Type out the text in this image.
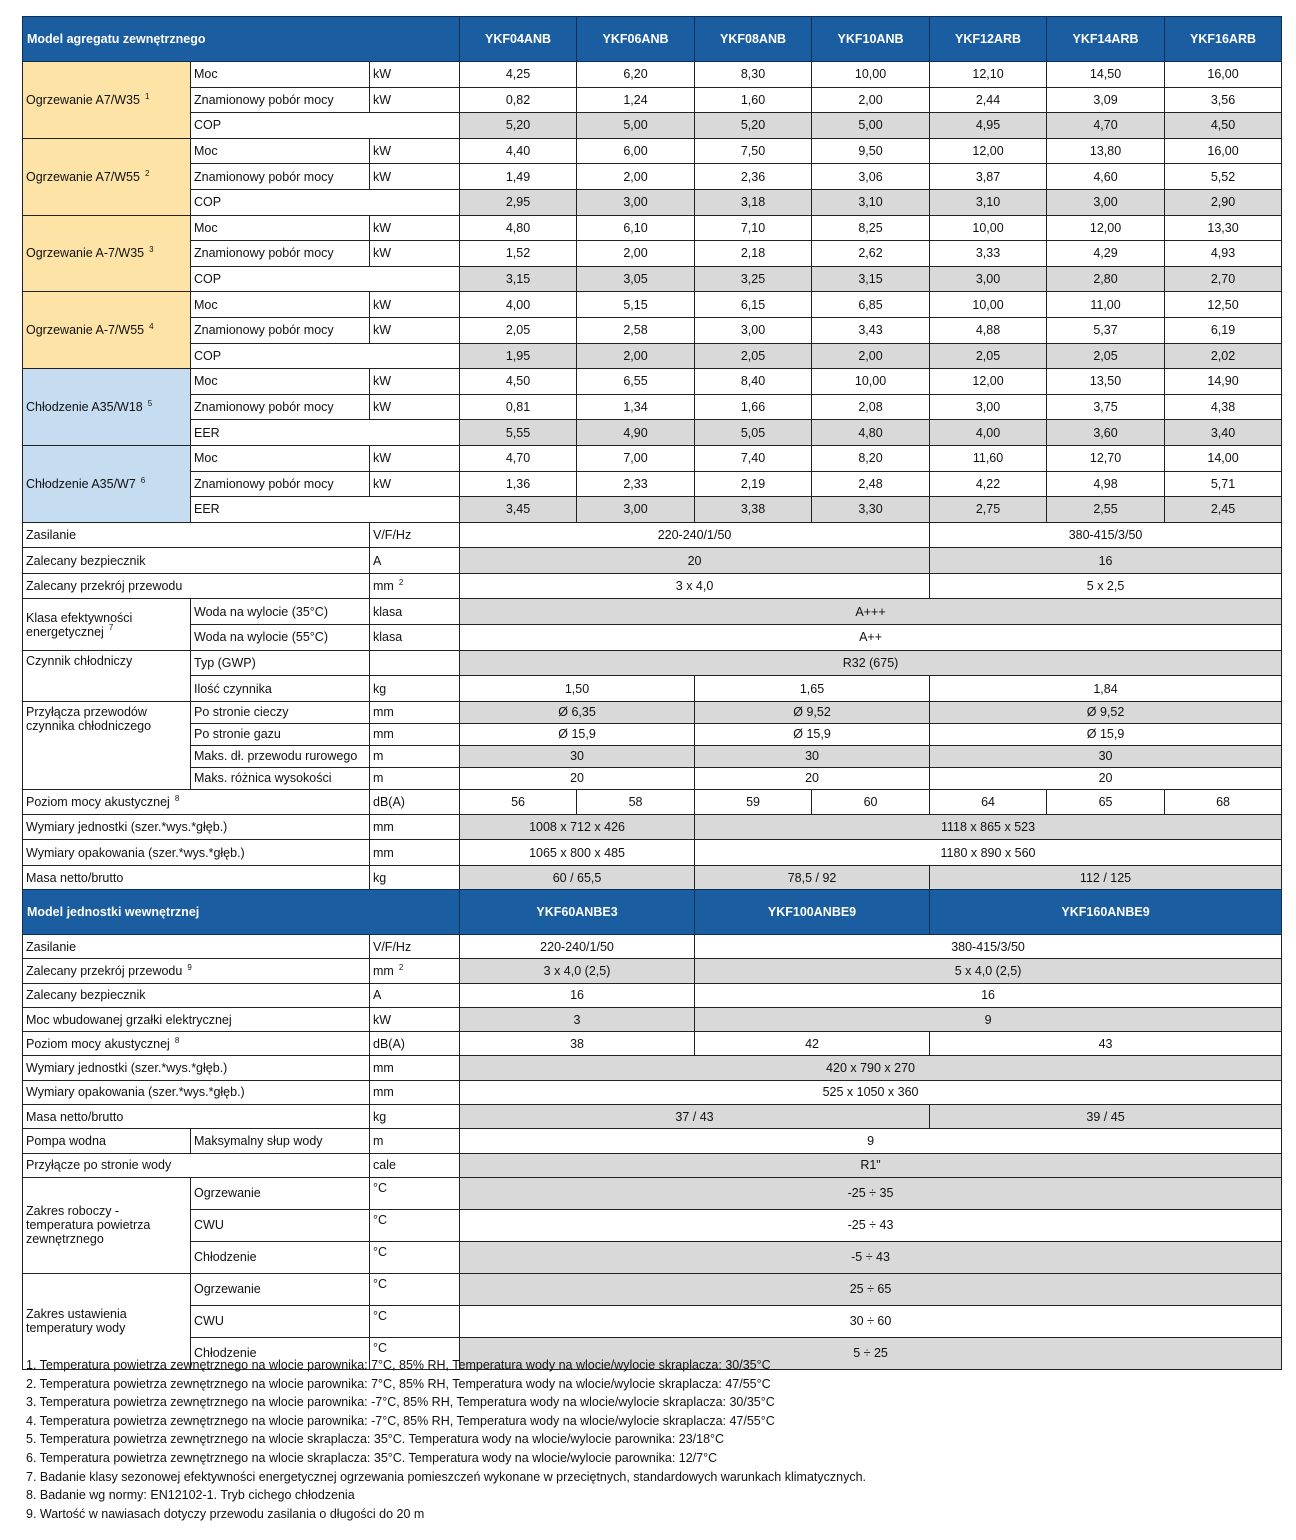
Model agregatu zewnętrznego			YKF04ANB	YKF06ANB	YKF08ANB	YKF10ANB	YKF12ARB	YKF14ARB	YKF16ARB
Ogrzewanie A7/W35 $^1$	Moc	kW	4,25	6,20	8,30	10,00	12,10	14,50	16,00
	Znamionowy pobór mocy	kW	0,82	1,24	1,60	2,00	2,44	3,09	3,56
	COP		5,20	5,00	5,20	5,00	4,95	4,70	4,50
Ogrzewanie A7/W55 $^2$	Moc	kW	4,40	6,00	7,50	9,50	12,00	13,80	16,00
	Znamionowy pobór mocy	kW	1,49	2,00	2,36	3,06	3,87	4,60	5,52
	COP		2,95	3,00	3,18	3,10	3,10	3,00	2,90
Ogrzewanie A-7/W35 $^3$	Moc	kW	4,80	6,10	7,10	8,25	10,00	12,00	13,30
	Znamionowy pobór mocy	kW	1,52	2,00	2,18	2,62	3,33	4,29	4,93
	COP		3,15	3,05	3,25	3,15	3,00	2,80	2,70
Ogrzewanie A-7/W55 $^4$	Moc	kW	4,00	5,15	6,15	6,85	10,00	11,00	12,50
	Znamionowy pobór mocy	kW	2,05	2,58	3,00	3,43	4,88	5,37	6,19
	COP		1,95	2,00	2,05	2,00	2,05	2,05	2,02
Chłodzenie A35/W18 $^5$	Moc	kW	4,50	6,55	8,40	10,00	12,00	13,50	14,90
	Znamionowy pobór mocy	kW	0,81	1,34	1,66	2,08	3,00	3,75	4,38
	EER		5,55	4,90	5,05	4,80	4,00	3,60	3,40
Chłodzenie A35/W7 $^6$	Moc	kW	4,70	7,00	7,40	8,20	11,60	12,70	14,00
	Znamionowy pobór mocy	kW	1,36	2,33	2,19	2,48	4,22	4,98	5,71
	EER		3,45	3,00	3,38	3,30	2,75	2,55	2,45
Zasilanie		V/F/Hz	220-240/1/50				380-415/3/50		
Zalecany bezpiecznik		A	20				16		
Zalecany przekrój przewodu		mm $^2$	3 x 4,0				5 x 2,5		
Klasa efektywności energetycznej $^7$	Woda na wylocie (35°C)	klasa	A+++						
	Woda na wylocie (55°C)	klasa	A++						
Czynnik chłodniczy	Typ (GWP)		R32 (675)						
	Ilość czynnika	kg	1,50		1,65		1,84		
Przyłącza przewodów czynnika chłodniczego	Po stronie cieczy	mm	Ø 6,35		Ø 9,52		Ø 9,52		
	Po stronie gazu	mm	Ø 15,9		Ø 15,9		Ø 15,9		
	Maks. dł. przewodu rurowego	m	30		30		30		
	Maks. różnica wysokości	m	20		20		20		
Poziom mocy akustycznej $^8$		dB(A)	56	58	59	60	64	65	68
Wymiary jednostki (szer.*wys.*głęb.)		mm	1008 x 712 x 426		1118 x 865 x 523				
Wymiary opakowania (szer.*wys.*głęb.)		mm	1065 x 800 x 485		1180 x 890 x 560				
Masa netto/brutto		kg	60 / 65,5		78,5 / 92		112 / 125		
Model jednostki wewnętrznej			YKF60ANBE3	YKF100ANBE9	YKF160ANBE9
Zasilanie		V/F/Hz	220-240/1/50	380-415/3/50	
Zalecany przekrój przewodu $^9$		mm $^2$	3 x 4,0 (2,5)	5 x 4,0 (2,5)	
Zalecany bezpiecznik		A	16	16	
Moc wbudowanej grzałki elektrycznej		kW	3	9	
Poziom mocy akustycznej $^8$		dB(A)	38	42	43
Wymiary jednostki (szer.*wys.*głęb.)		mm	420 x 790 x 270		
Wymiary opakowania (szer.*wys.*głęb.)		mm	525 x 1050 x 360		
Masa netto/brutto		kg	37 / 43		39 / 45
Pompa wodna	Maksymalny słup wody	m	9		
Przyłącze po stronie wody		cale	R1"		
Zakres roboczy - temperatura powietrza zewnętrznego	Ogrzewanie	°C	-25 ÷ 35		
	CWU	°C	-25 ÷ 43		
	Chłodzenie	°C	-5 ÷ 43		
Zakres ustawienia temperatury wody	Ogrzewanie	°C	25 ÷ 65		
	CWU	°C	30 ÷ 60		
	Chłodzenie	°C	5 ÷ 25		
1. Temperatura powietrza zewnętrznego na wlocie parownika: 7°C, 85% RH, Temperatura wody na wlocie/wylocie skraplacza: 30/35°C
2. Temperatura powietrza zewnętrznego na wlocie parownika: 7°C, 85% RH, Temperatura wody na wlocie/wylocie skraplacza: 47/55°C
3. Temperatura powietrza zewnętrznego na wlocie parownika: -7°C, 85% RH, Temperatura wody na wlocie/wylocie skraplacza: 30/35°C
4. Temperatura powietrza zewnętrznego na wlocie parownika: -7°C, 85% RH, Temperatura wody na wlocie/wylocie skraplacza: 47/55°C
5. Temperatura powietrza zewnętrznego na wlocie skraplacza: 35°C. Temperatura wody na wlocie/wylocie parownika: 23/18°C
6. Temperatura powietrza zewnętrznego na wlocie skraplacza: 35°C. Temperatura wody na wlocie/wylocie parownika: 12/7°C
7. Badanie klasy sezonowej efektywności energetycznej ogrzewania pomieszczeń wykonane w przeciętnych, standardowych warunkach klimatycznych.
8. Badanie wg normy: EN12102-1. Tryb cichego chłodzenia
9. Wartość w nawiasach dotyczy przewodu zasilania o długości do 20 m
